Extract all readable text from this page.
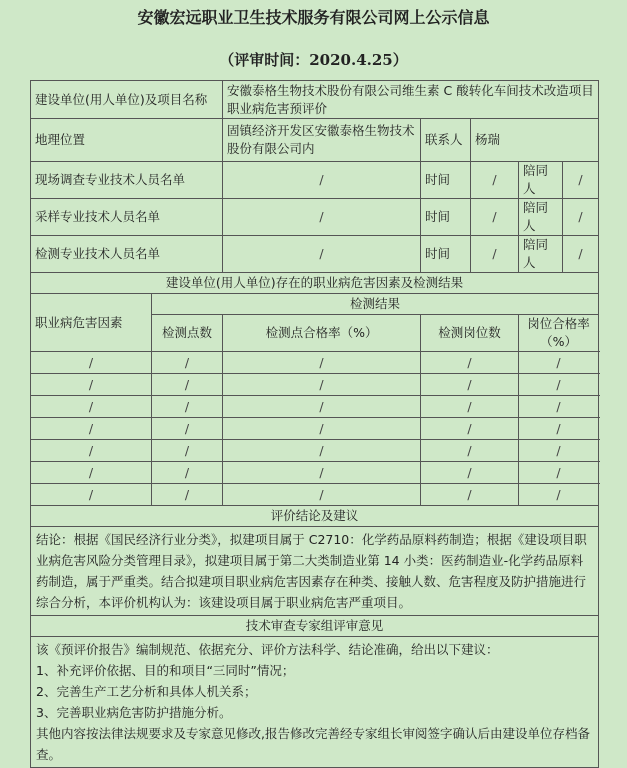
安徽宏远职业卫生技术服务有限公司网上公示信息
（评审时间：2020.4.25）
建设单位(用人单位)及项目名称		安徽泰格生物技术股份有限公司维生素 C 酸转化车间技术改造项目职业病危害预评价				
地理位置		固镇经济开发区安徽泰格生物技术股份有限公司内	联系人	杨瑞		
现场调查专业技术人员名单		/	时间	/	陪同人	/
采样专业技术人员名单		/	时间	/	陪同人	/
检测专业技术人员名单		/	时间	/	陪同人	/
建设单位(用人单位)存在的职业病危害因素及检测结果						
职业病危害因素	检测结果					
	检测点数	检测点合格率（%）	检测岗位数		岗位合格率（%）	
/	/	/	/		/	
/	/	/	/		/	
/	/	/	/		/	
/	/	/	/		/	
/	/	/	/		/	
/	/	/	/		/	
/	/	/	/		/	
评价结论及建议						
结论：根据《国民经济行业分类》，拟建项目属于 C2710：化学药品原料药制造；根据《建设项目职业病危害风险分类管理目录》，拟建项目属于第二大类制造业第 14 小类：医药制造业-化学药品原料药制造，属于严重类。结合拟建项目职业病危害因素存在种类、接触人数、危害程度及防护措施进行综合分析，本评价机构认为：该建设项目属于职业病危害严重项目。						
技术审查专家组评审意见						

该《预评价报告》编制规范、依据充分、评价方法科学、结论准确，给出以下建议：
1、补充评价依据、目的和项目“三同时”情况；
2、完善生产工艺分析和具体人机关系；
3、完善职业病危害防护措施分析。
其他内容按法律法规要求及专家意见修改,报告修改完善经专家组长审阅签字确认后由建设单位存档备查。						
